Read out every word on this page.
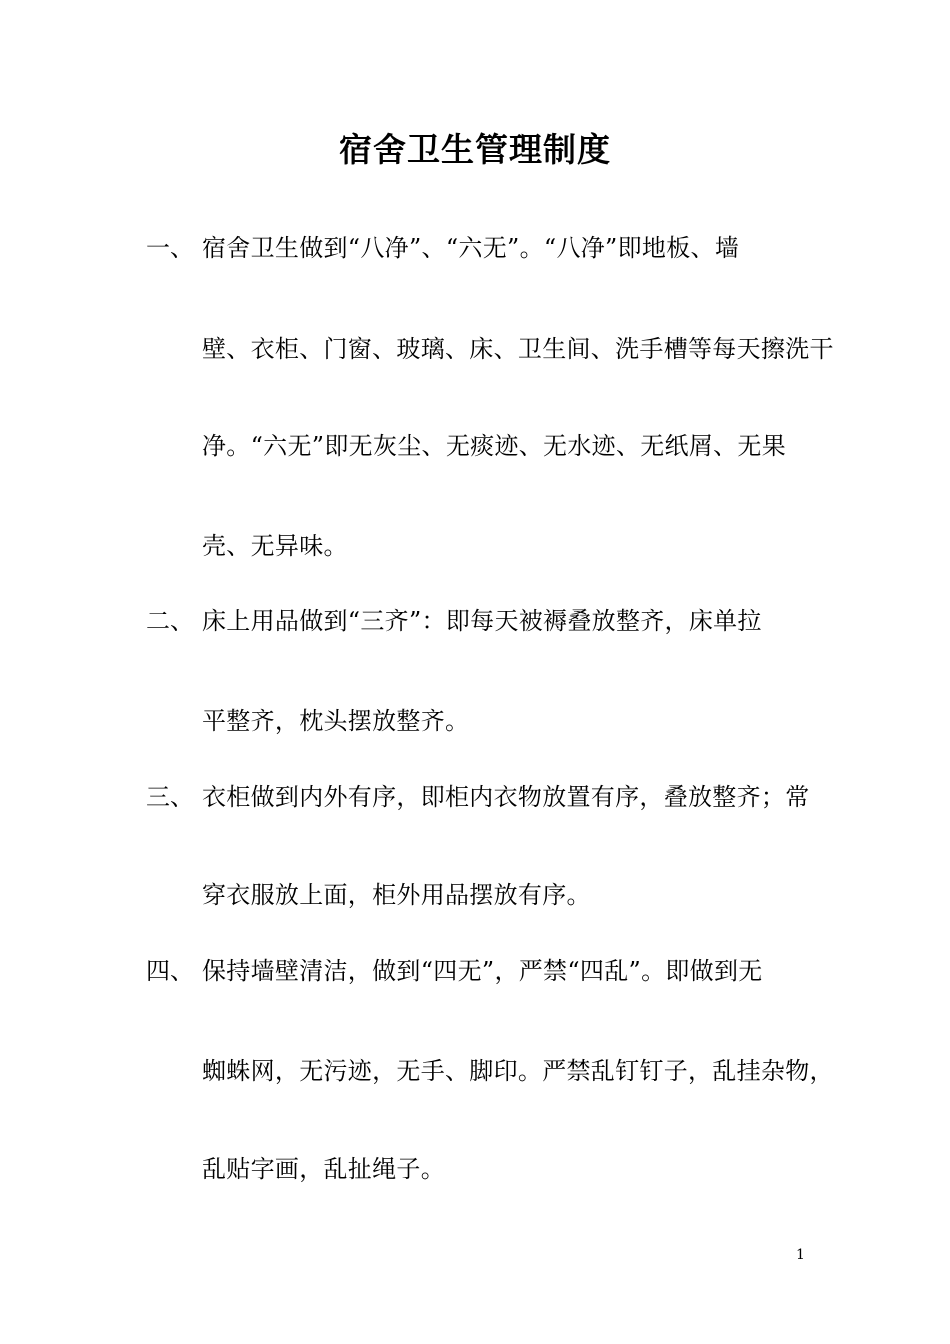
宿舍卫生管理制度
一、 宿舍卫生做到“八净”、“六无”。“八净”即地板、墙
壁、衣柜、门窗、玻璃、床、卫生间、洗手槽等每天擦洗干
净。“六无”即无灰尘、无痰迹、无水迹、无纸屑、无果
壳、无异味。
二、 床上用品做到“三齐”：即每天被褥叠放整齐，床单拉
平整齐，枕头摆放整齐。
三、 衣柜做到内外有序，即柜内衣物放置有序，叠放整齐；常
穿衣服放上面，柜外用品摆放有序。
四、 保持墙壁清洁，做到“四无”，严禁“四乱”。即做到无
蜘蛛网，无污迹，无手、脚印。严禁乱钉钉子，乱挂杂物，
乱贴字画，乱扯绳子。
1
